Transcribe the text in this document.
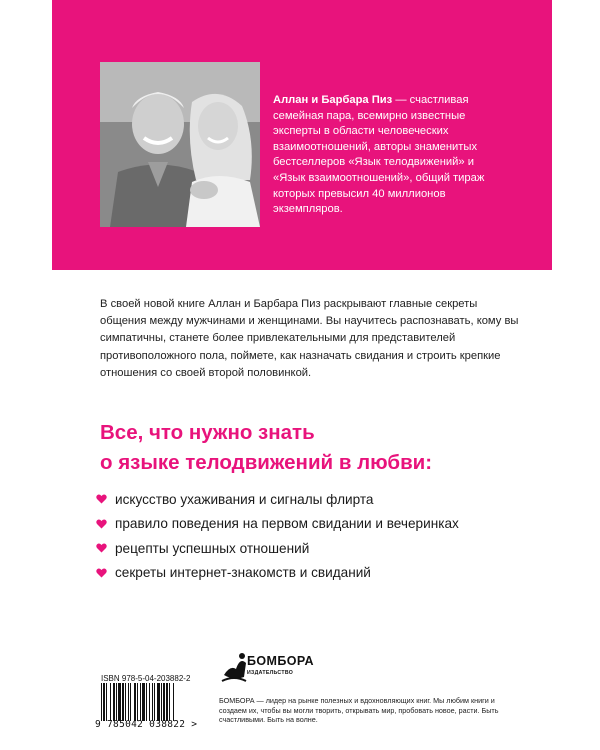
Аллан и Барбара Пиз — счастливая семейная пара, всемирно известные эксперты в области человеческих взаимоотношений, авторы знаменитых бестселлеров «Язык телодвижений» и «Язык взаимоотношений», общий тираж которых превысил 40 миллионов экземпляров.
В своей новой книге Аллан и Барбара Пиз раскрывают главные секреты общения между мужчинами и женщинами. Вы научитесь распознавать, кому вы симпатичны, станете более привлекательными для представителей противоположного пола, поймете, как назначать свидания и строить крепкие отношения со своей второй половинкой.
Все, что нужно знать
о языке телодвижений в любви:
искусство ухаживания и сигналы флирта
правило поведения на первом свидании и вечеринках
рецепты успешных отношений
секреты интернет-знакомств и свиданий
ISBN 978-5-04-203882-2
9 785042 038822 >
БОМБОРА
ИЗДАТЕЛЬСТВО
БОМБОРА — лидер на рынке полезных и вдохновляющих книг. Мы любим книги и создаем их, чтобы вы могли творить, открывать мир, пробовать новое, расти. Быть счастливыми. Быть на волне.
